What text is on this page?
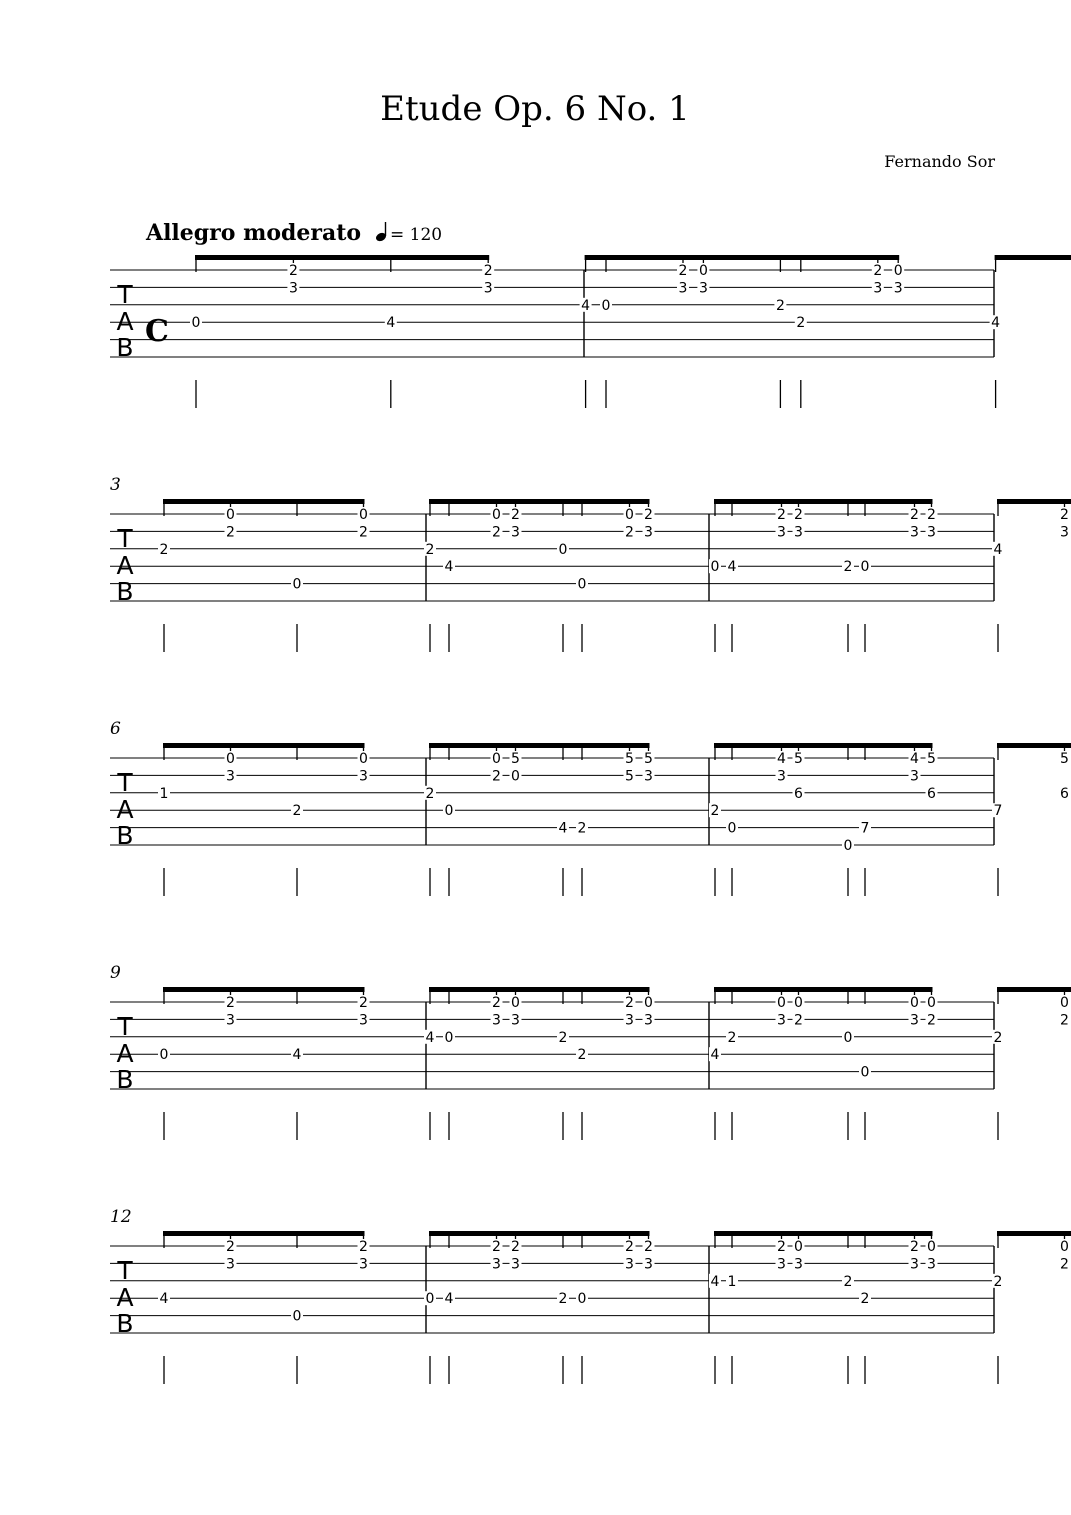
Etude Op. 6 No. 1
Fernando Sor
Allegro moderato = 120
T
A
B C 0
2
3
4
2
3
4
2
3
2
2
3
0
0
3
2
0
3
4
T
A
B
3
2
0
2
0
0
2
2
0
2
0
0
2
4
2
3
0
2
3
0
2
3
2
2
3
4
2
3
0
2
3
4
2
3
T
A
B
6
1
0
3
2
0
3
2
0
2
4
5
5
0
5
0
2
5
3
2
4
3
0
4
3
0
5
6
7
5
6
7
5
6
T
A
B
9
0
2
3
4
2
3
4
2
3
2
2
3
0
0
3
2
0
3
4
0
3
0
0
3
2
0
2
0
0
2
2
0
2
T
A
B
12
4
2
3
0
2
3
0
2
3
2
2
3
4
2
3
0
2
3
4
2
3
2
2
3
1
0
3
2
0
3
2
0
2
